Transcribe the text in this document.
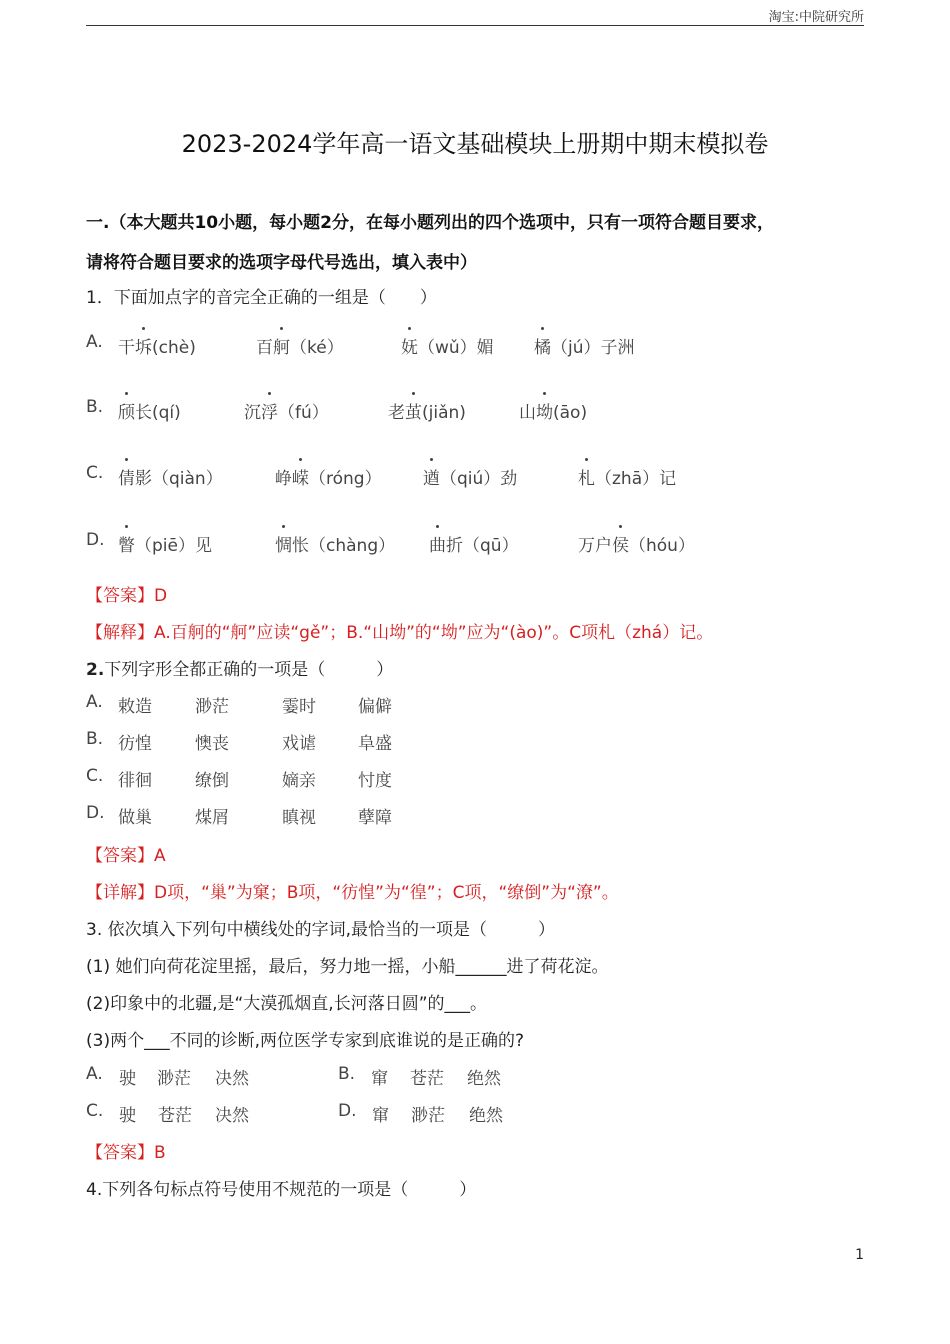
淘宝:中院研究所
2023-2024学年高一语文基础模块上册期中期末模拟卷
一.（本大题共10小题，每小题2分，在每小题列出的四个选项中，只有一项符合题目要求，
请将符合题目要求的选项字母代号选出，填入表中）
1．下面加点字的音完全正确的一组是（　　）
A. 干坼(chè)	百舸（ké）	妩（wǔ）媚 橘（jú）子洲
B. 颀长(qí)	沉浮（fú）	老茧(jiǎn)	山坳(āo)
C. 倩影（qiàn）	峥嵘（róng） 遒（qiú）劲	札（zhā）记
D. 瞥（piē）见	惆怅（chàng） 曲折（qū）	万户侯（hóu）
【答案】D
【解释】A.百舸的“舸”应读“gě”；B.“山坳”的“坳”应为“(ào)”。C项札（zhá）记。
2.下列字形全都正确的一项是（　　　）
A. 敕造	渺茫	霎时 偏僻
B. 彷惶	懊丧	戏谑 阜盛
C. 徘徊	缭倒	嫡亲 忖度
D. 做巢	煤屑	瞋视 孽障
【答案】A
【详解】D项，“巢”为窠；B项，“彷惶”为“徨”；C项，“缭倒”为“潦”。
3. 依次填入下列句中横线处的字词,最恰当的一项是（　　　）
(1) 她们向荷花淀里摇，最后，努力地一摇，小船______进了荷花淀。
(2)印象中的北疆,是“大漠孤烟直,长河落日圆”的___。
(3)两个___不同的诊断,两位医学专家到底谁说的是正确的?
A. 驶 渺茫 决然	B. 窜 苍茫 绝然
C. 驶 苍茫 决然	D. 窜 渺茫 绝然
【答案】B
4.下列各句标点符号使用不规范的一项是（　　　）
1
